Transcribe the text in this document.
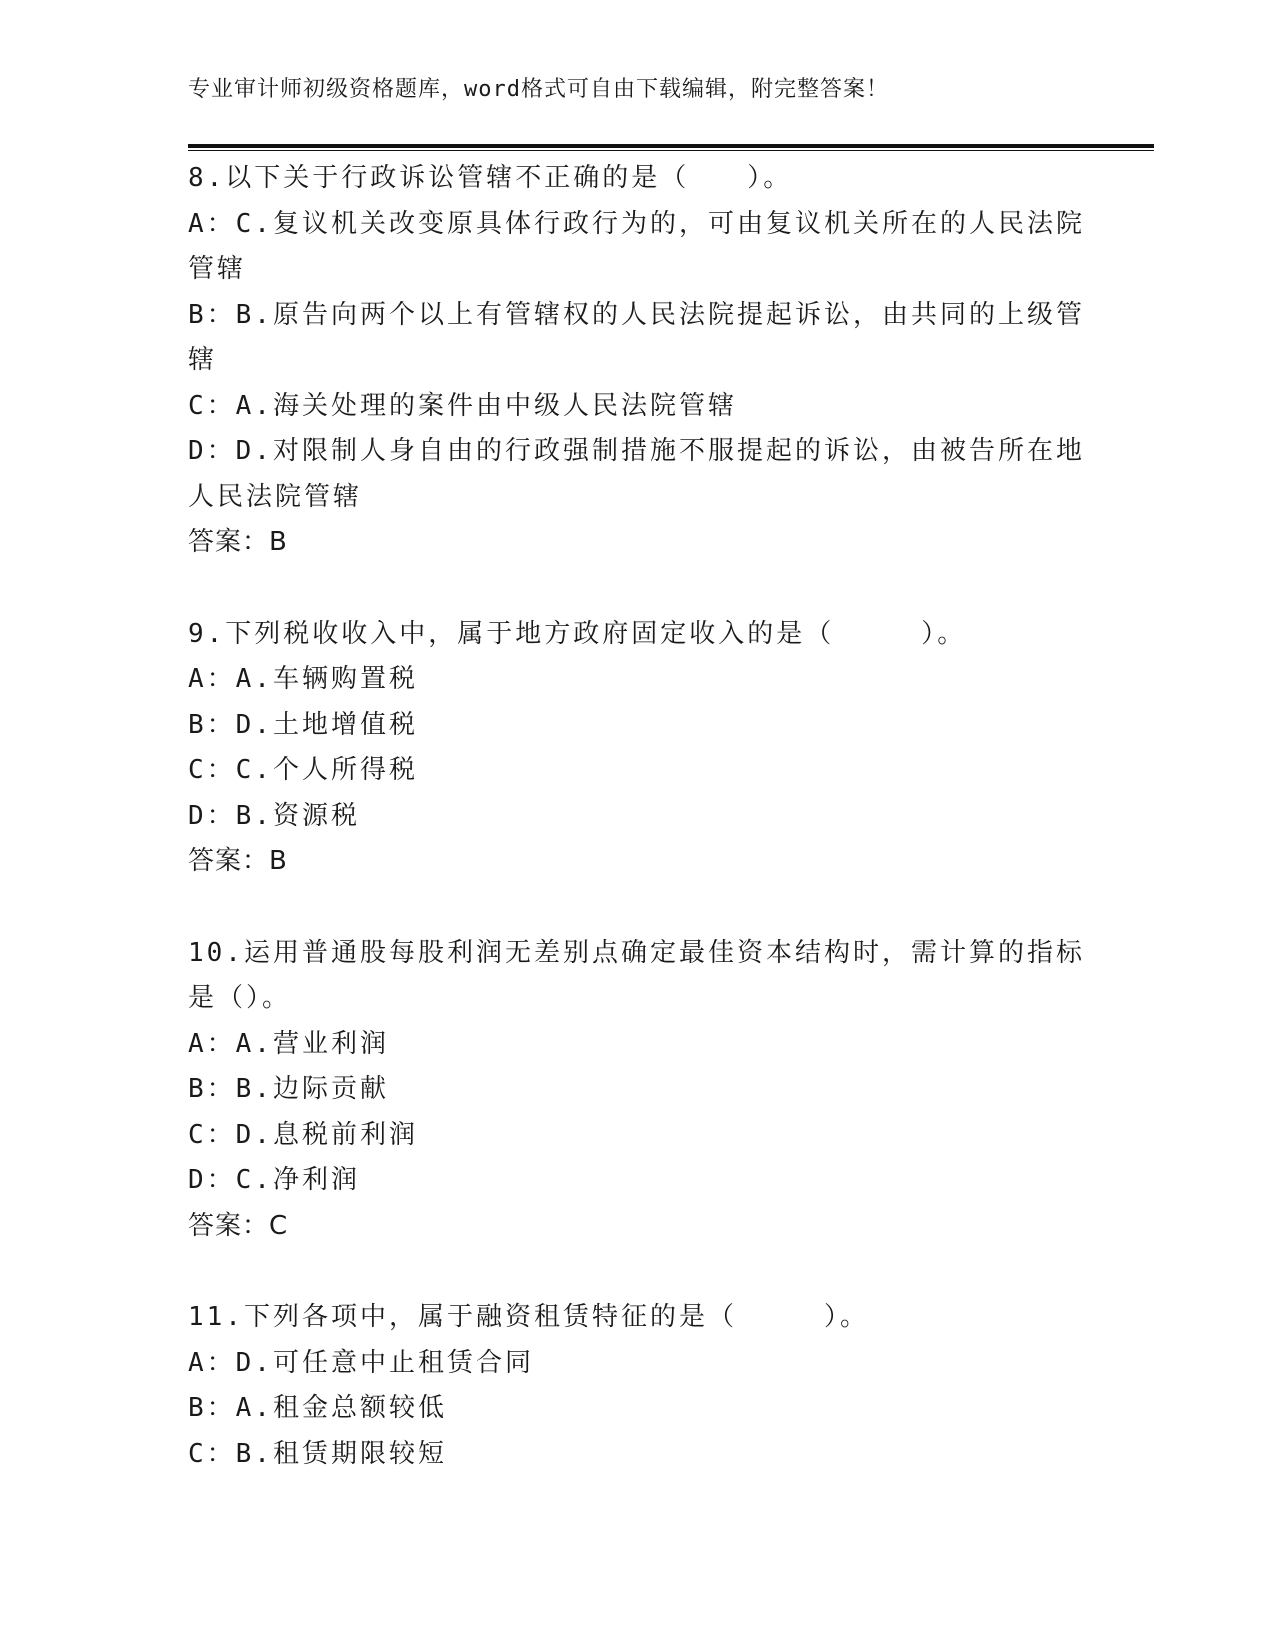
专业审计师初级资格题库，word格式可自由下载编辑，附完整答案！
8.以下关于行政诉讼管辖不正确的是（　　）。
A：C.复议机关改变原具体行政行为的，可由复议机关所在的人民法院
管辖
B：B.原告向两个以上有管辖权的人民法院提起诉讼，由共同的上级管
辖
C：A.海关处理的案件由中级人民法院管辖
D：D.对限制人身自由的行政强制措施不服提起的诉讼，由被告所在地
人民法院管辖
答案：B
9.下列税收收入中，属于地方政府固定收入的是（　　　）。
A：A.车辆购置税
B：D.土地增值税
C：C.个人所得税
D：B.资源税
答案：B
10.运用普通股每股利润无差别点确定最佳资本结构时，需计算的指标
是（）。
A：A.营业利润
B：B.边际贡献
C：D.息税前利润
D：C.净利润
答案：C
11.下列各项中，属于融资租赁特征的是（　　　）。
A：D.可任意中止租赁合同
B：A.租金总额较低
C：B.租赁期限较短
